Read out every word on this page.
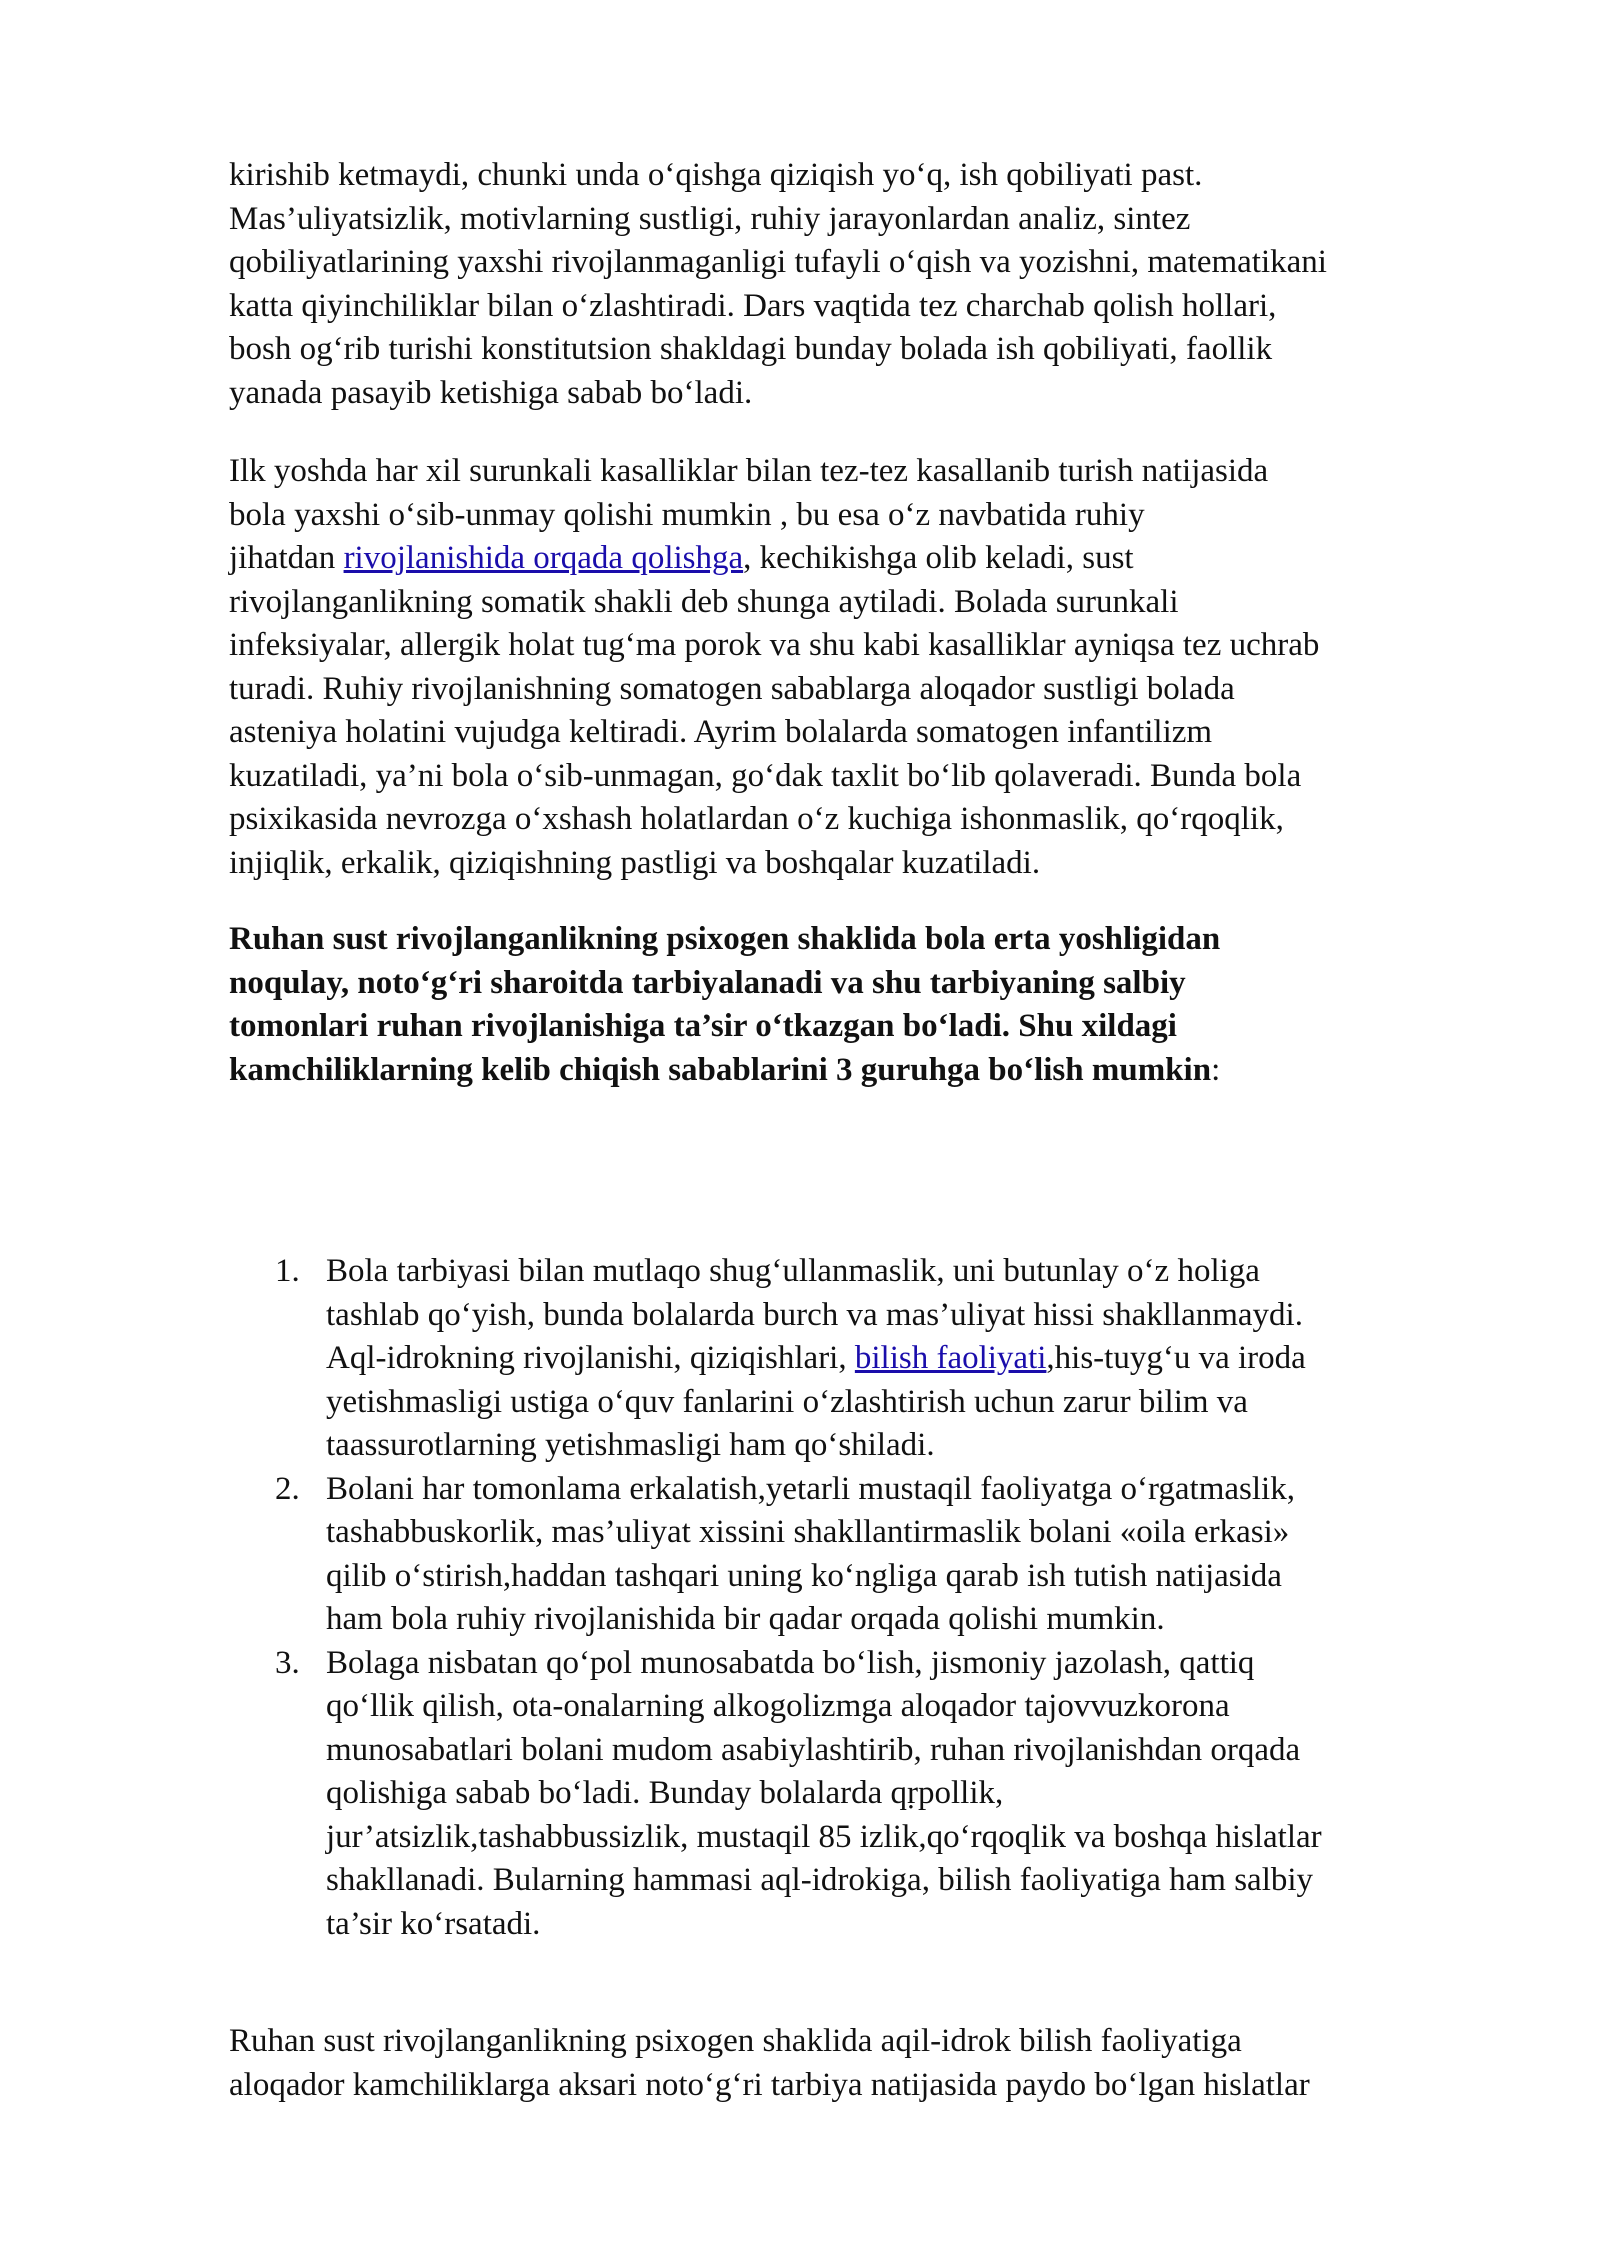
kirishib ketmaydi, chunki unda o‘qishga qiziqish yo‘q, ish qobiliyati past.
Mas’uliyatsizlik, motivlarning sustligi, ruhiy jarayonlardan analiz, sintez
qobiliyatlarining yaxshi rivojlanmaganligi tufayli o‘qish va yozishni, matematikani
katta qiyinchiliklar bilan o‘zlashtiradi. Dars vaqtida tez charchab qolish hollari,
bosh og‘rib turishi konstitutsion shakldagi bunday bolada ish qobiliyati, faollik
yanada pasayib ketishiga sabab bo‘ladi.

Ilk yoshda har xil surunkali kasalliklar bilan tez-tez kasallanib turish natijasida
bola yaxshi o‘sib-unmay qolishi mumkin , bu esa o‘z navbatida ruhiy
jihatdan rivojlanishida orqada qolishga, kechikishga olib keladi, sust
rivojlanganlikning somatik shakli deb shunga aytiladi. Bolada surunkali
infeksiyalar, allergik holat tug‘ma porok va shu kabi kasalliklar ayniqsa tez uchrab
turadi. Ruhiy rivojlanishning somatogen sabablarga aloqador sustligi bolada
asteniya holatini vujudga keltiradi. Ayrim bolalarda somatogen infantilizm
kuzatiladi, ya’ni bola o‘sib-unmagan, go‘dak taxlit bo‘lib qolaveradi. Bunda bola
psixikasida nevrozga o‘xshash holatlardan o‘z kuchiga ishonmaslik, qo‘rqoqlik,
injiqlik, erkalik, qiziqishning pastligi va boshqalar kuzatiladi.

Ruhan sust rivojlanganlikning psixogen shaklida bola erta yoshligidan
noqulay, noto‘g‘ri sharoitda tarbiyalanadi va shu tarbiyaning salbiy
tomonlari ruhan rivojlanishiga ta’sir o‘tkazgan bo‘ladi. Shu xildagi
kamchiliklarning kelib chiqish sabablarini 3 guruhga bo‘lish mumkin:

1. Bola tarbiyasi bilan mutlaqo shug‘ullanmaslik, uni butunlay o‘z holiga
tashlab qo‘yish, bunda bolalarda burch va mas’uliyat hissi shakllanmaydi.
Aql-idrokning rivojlanishi, qiziqishlari, bilish faoliyati,his-tuyg‘u va iroda
yetishmasligi ustiga o‘quv fanlarini o‘zlashtirish uchun zarur bilim va
taassurotlarning yetishmasligi ham qo‘shiladi.
2. Bolani har tomonlama erkalatish,yetarli mustaqil faoliyatga o‘rgatmaslik,
tashabbuskorlik, mas’uliyat xissini shakllantirmaslik bolani «oila erkasi»
qilib o‘stirish,haddan tashqari uning ko‘ngliga qarab ish tutish natijasida
ham bola ruhiy rivojlanishida bir qadar orqada qolishi mumkin.
3. Bolaga nisbatan qo‘pol munosabatda bo‘lish, jismoniy jazolash, qattiq
qo‘llik qilish, ota-onalarning alkogolizmga aloqador tajovvuzkorona
munosabatlari bolani mudom asabiylashtirib, ruhan rivojlanishdan orqada
qolishiga sabab bo‘ladi. Bunday bolalarda qṛpollik,
jur’atsizlik,tashabbussizlik, mustaqil 85 izlik,qo‘rqoqlik va boshqa hislatlar
shakllanadi. Bularning hammasi aql-idrokiga, bilish faoliyatiga ham salbiy
ta’sir ko‘rsatadi.

Ruhan sust rivojlanganlikning psixogen shaklida aqil-idrok bilish faoliyatiga
aloqador kamchiliklarga aksari noto‘g‘ri tarbiya natijasida paydo bo‘lgan hislatlar
